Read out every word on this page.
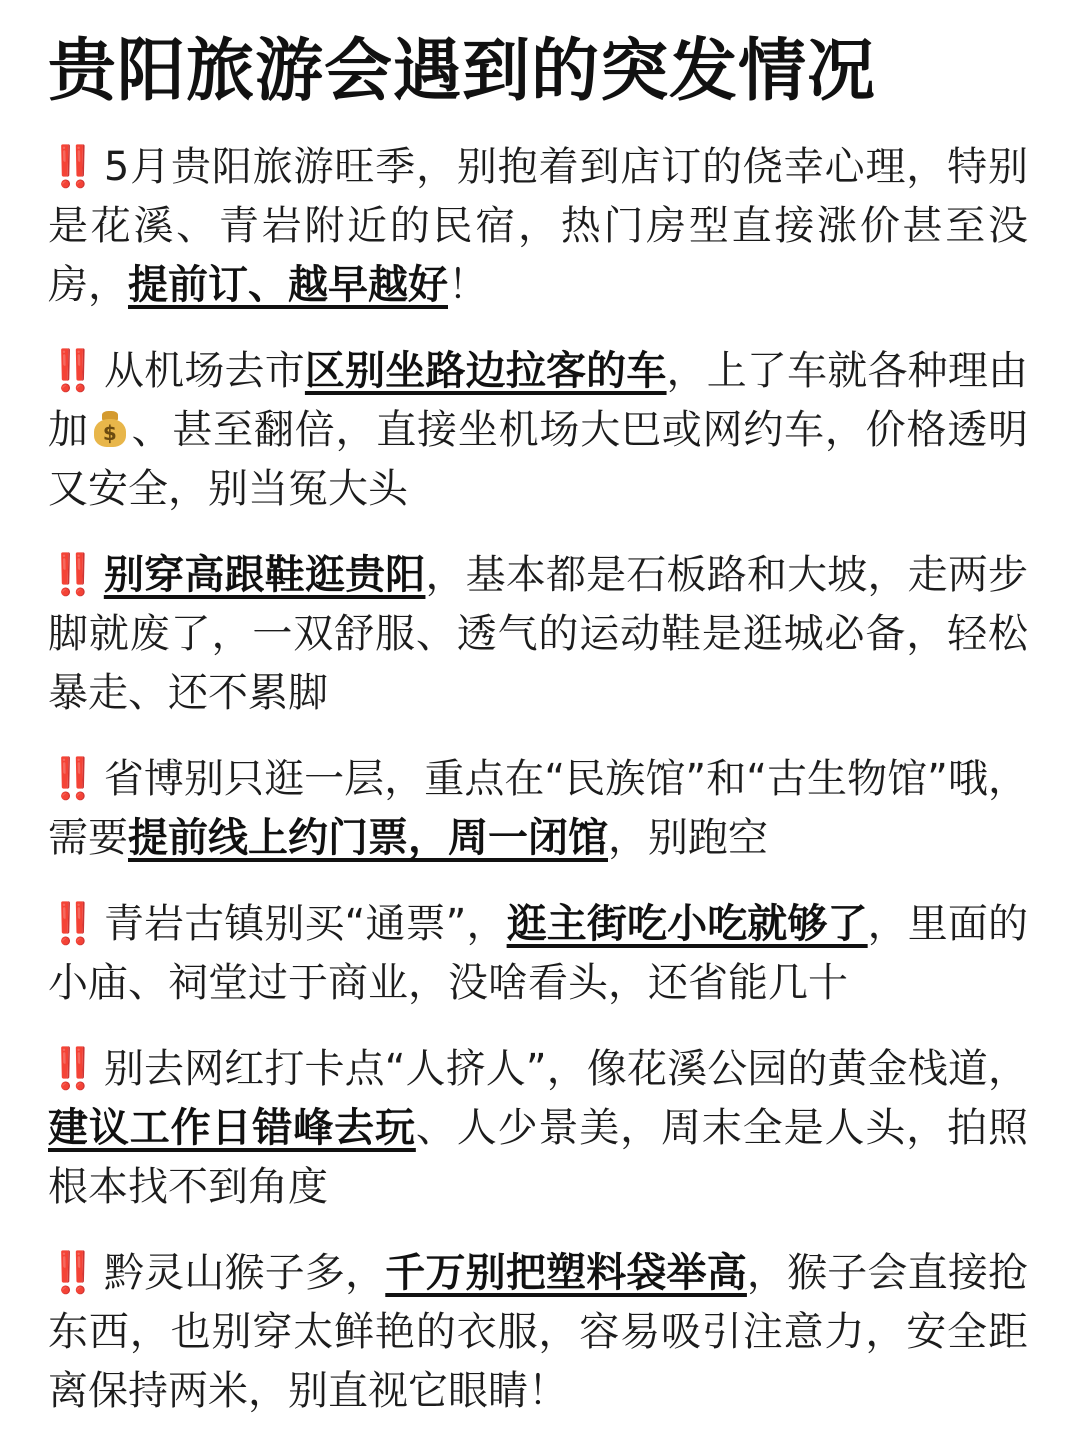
贵阳旅游会遇到的突发情况
‼️ 5月贵阳旅游旺季，别抱着到店订的侥幸心理，特别是花溪、青岩附近的民宿，热门房型直接涨价甚至没房，提前订、越早越好！
‼️ 从机场去市区别坐路边拉客的车，上了车就各种理由加 $ 、甚至翻倍，直接坐机场大巴或网约车，价格透明又安全，别当冤大头
‼️ 别穿高跟鞋逛贵阳，基本都是石板路和大坡，走两步脚就废了，一双舒服、透气的运动鞋是逛城必备，轻松暴走、还不累脚
‼️ 省博别只逛一层，重点在“民族馆”和“古生物馆”哦，需要提前线上约门票，周一闭馆，别跑空
‼️ 青岩古镇别买“通票”，逛主街吃小吃就够了，里面的小庙、祠堂过于商业，没啥看头，还省能几十
‼️ 别去网红打卡点“人挤人”，像花溪公园的黄金栈道，建议工作日错峰去玩、人少景美，周末全是人头，拍照根本找不到角度
‼️ 黔灵山猴子多，千万别把塑料袋举高，猴子会直接抢东西，也别穿太鲜艳的衣服，容易吸引注意力，安全距离保持两米，别直视它眼睛！
